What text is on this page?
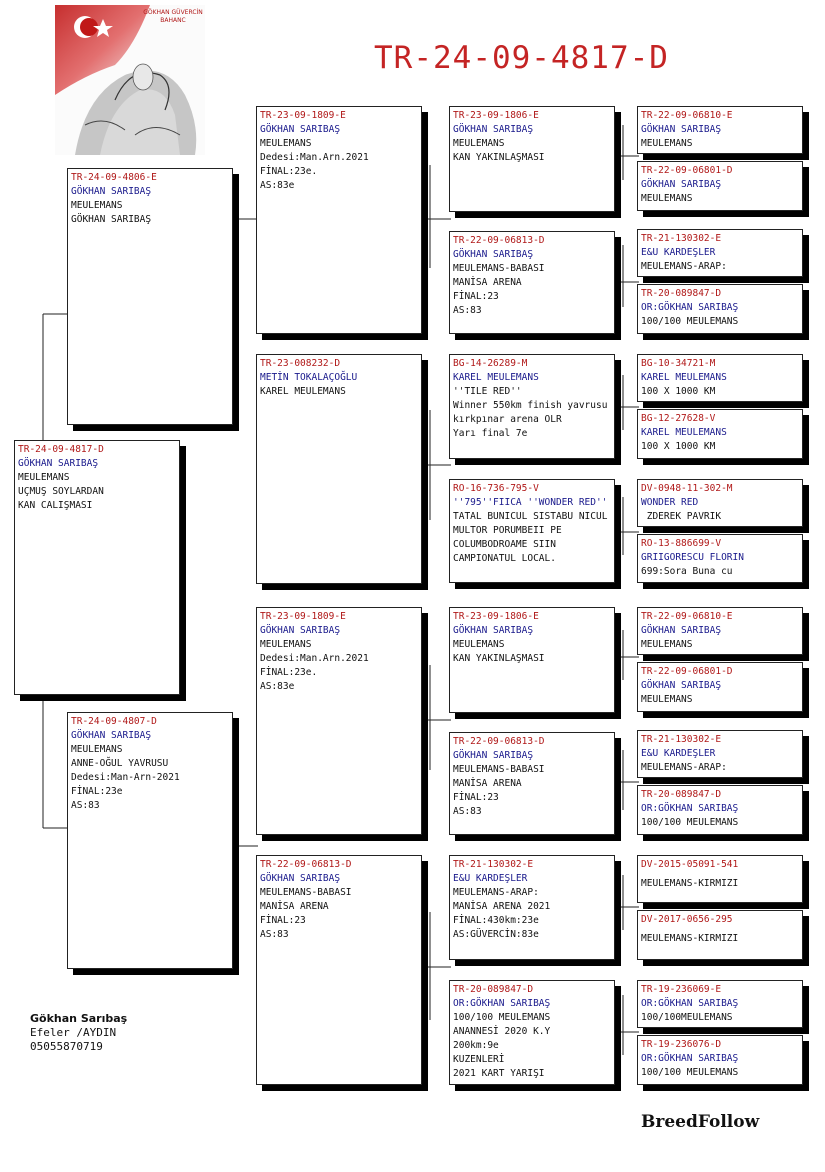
TR-24-09-4817-D
GÖKHAN GÜVERCİN
BAHANC
TR-24-09-4817-D
GÖKHAN SARIBAŞ
MEULEMANS
UÇMUŞ SOYLARDAN
KAN CALIŞMASI
TR-24-09-4806-E
GÖKHAN SARIBAŞ
MEULEMANS
GÖKHAN SARIBAŞ
TR-24-09-4807-D
GÖKHAN SARIBAŞ
MEULEMANS
ANNE-OĞUL YAVRUSU
Dedesi:Man-Arn-2021
FİNAL:23e
AS:83
TR-23-09-1809-E
GÖKHAN SARIBAŞ
MEULEMANS
Dedesi:Man.Arn.2021
FİNAL:23e.
AS:83e
TR-23-008232-D
METİN TOKALAÇOĞLU
KAREL MEULEMANS
TR-23-09-1809-E
GÖKHAN SARIBAŞ
MEULEMANS
Dedesi:Man.Arn.2021
FİNAL:23e.
AS:83e
TR-22-09-06813-D
GÖKHAN SARIBAŞ
MEULEMANS-BABASI
MANİSA ARENA
FİNAL:23
AS:83
TR-23-09-1806-E
GÖKHAN SARIBAŞ
MEULEMANS
KAN YAKINLAŞMASI
TR-22-09-06813-D
GÖKHAN SARIBAŞ
MEULEMANS-BABASI
MANİSA ARENA
FİNAL:23
AS:83
BG-14-26289-M
KAREL MEULEMANS
''TILE RED''
Winner 550km finish yavrusu
kırkpınar arena OLR
Yarı final 7e
RO-16-736-795-V
''795''FIICA ''WONDER RED''
TATAL BUNICUL SISTABU NICUL MULTOR PORUMBEII PE COLUMBODROAME SIIN CAMPIONATUL LOCAL.
TR-23-09-1806-E
GÖKHAN SARIBAŞ
MEULEMANS
KAN YAKINLAŞMASI
TR-22-09-06813-D
GÖKHAN SARIBAŞ
MEULEMANS-BABASI
MANİSA ARENA
FİNAL:23
AS:83
TR-21-130302-E
E&U KARDEŞLER
MEULEMANS-ARAP:
MANİSA ARENA 2021
FİNAL:430km:23e
AS:GÜVERCİN:83e
TR-20-089847-D
OR:GÖKHAN SARIBAŞ
100/100 MEULEMANS
ANANNESİ 2020 K.Y
200km:9e
KUZENLERİ
2021 KART YARIŞI
TR-22-09-06810-E
GÖKHAN SARIBAŞ
MEULEMANS
TR-22-09-06801-D
GÖKHAN SARIBAŞ
MEULEMANS
TR-21-130302-E
E&U KARDEŞLER
MEULEMANS-ARAP:
TR-20-089847-D
OR:GÖKHAN SARIBAŞ
100/100 MEULEMANS
BG-10-34721-M
KAREL MEULEMANS
100 X 1000 KM
BG-12-27628-V
KAREL MEULEMANS
100 X 1000 KM
DV-0948-11-302-M
WONDER RED
ZDEREK PAVRIK
RO-13-886699-V
GRIIGORESCU FLORIN
699:Sora Buna cu
TR-22-09-06810-E
GÖKHAN SARIBAŞ
MEULEMANS
TR-22-09-06801-D
GÖKHAN SARIBAŞ
MEULEMANS
TR-21-130302-E
E&U KARDEŞLER
MEULEMANS-ARAP:
TR-20-089847-D
OR:GÖKHAN SARIBAŞ
100/100 MEULEMANS
DV-2015-05091-541
MEULEMANS-KIRMIZI
DV-2017-0656-295
MEULEMANS-KIRMIZI
TR-19-236069-E
OR:GÖKHAN SARIBAŞ
100/100MEULEMANS
TR-19-236076-D
OR:GÖKHAN SARIBAŞ
100/100 MEULEMANS
Gökhan Sarıbaş
Efeler /AYDIN
05055870719
BreedFollow
